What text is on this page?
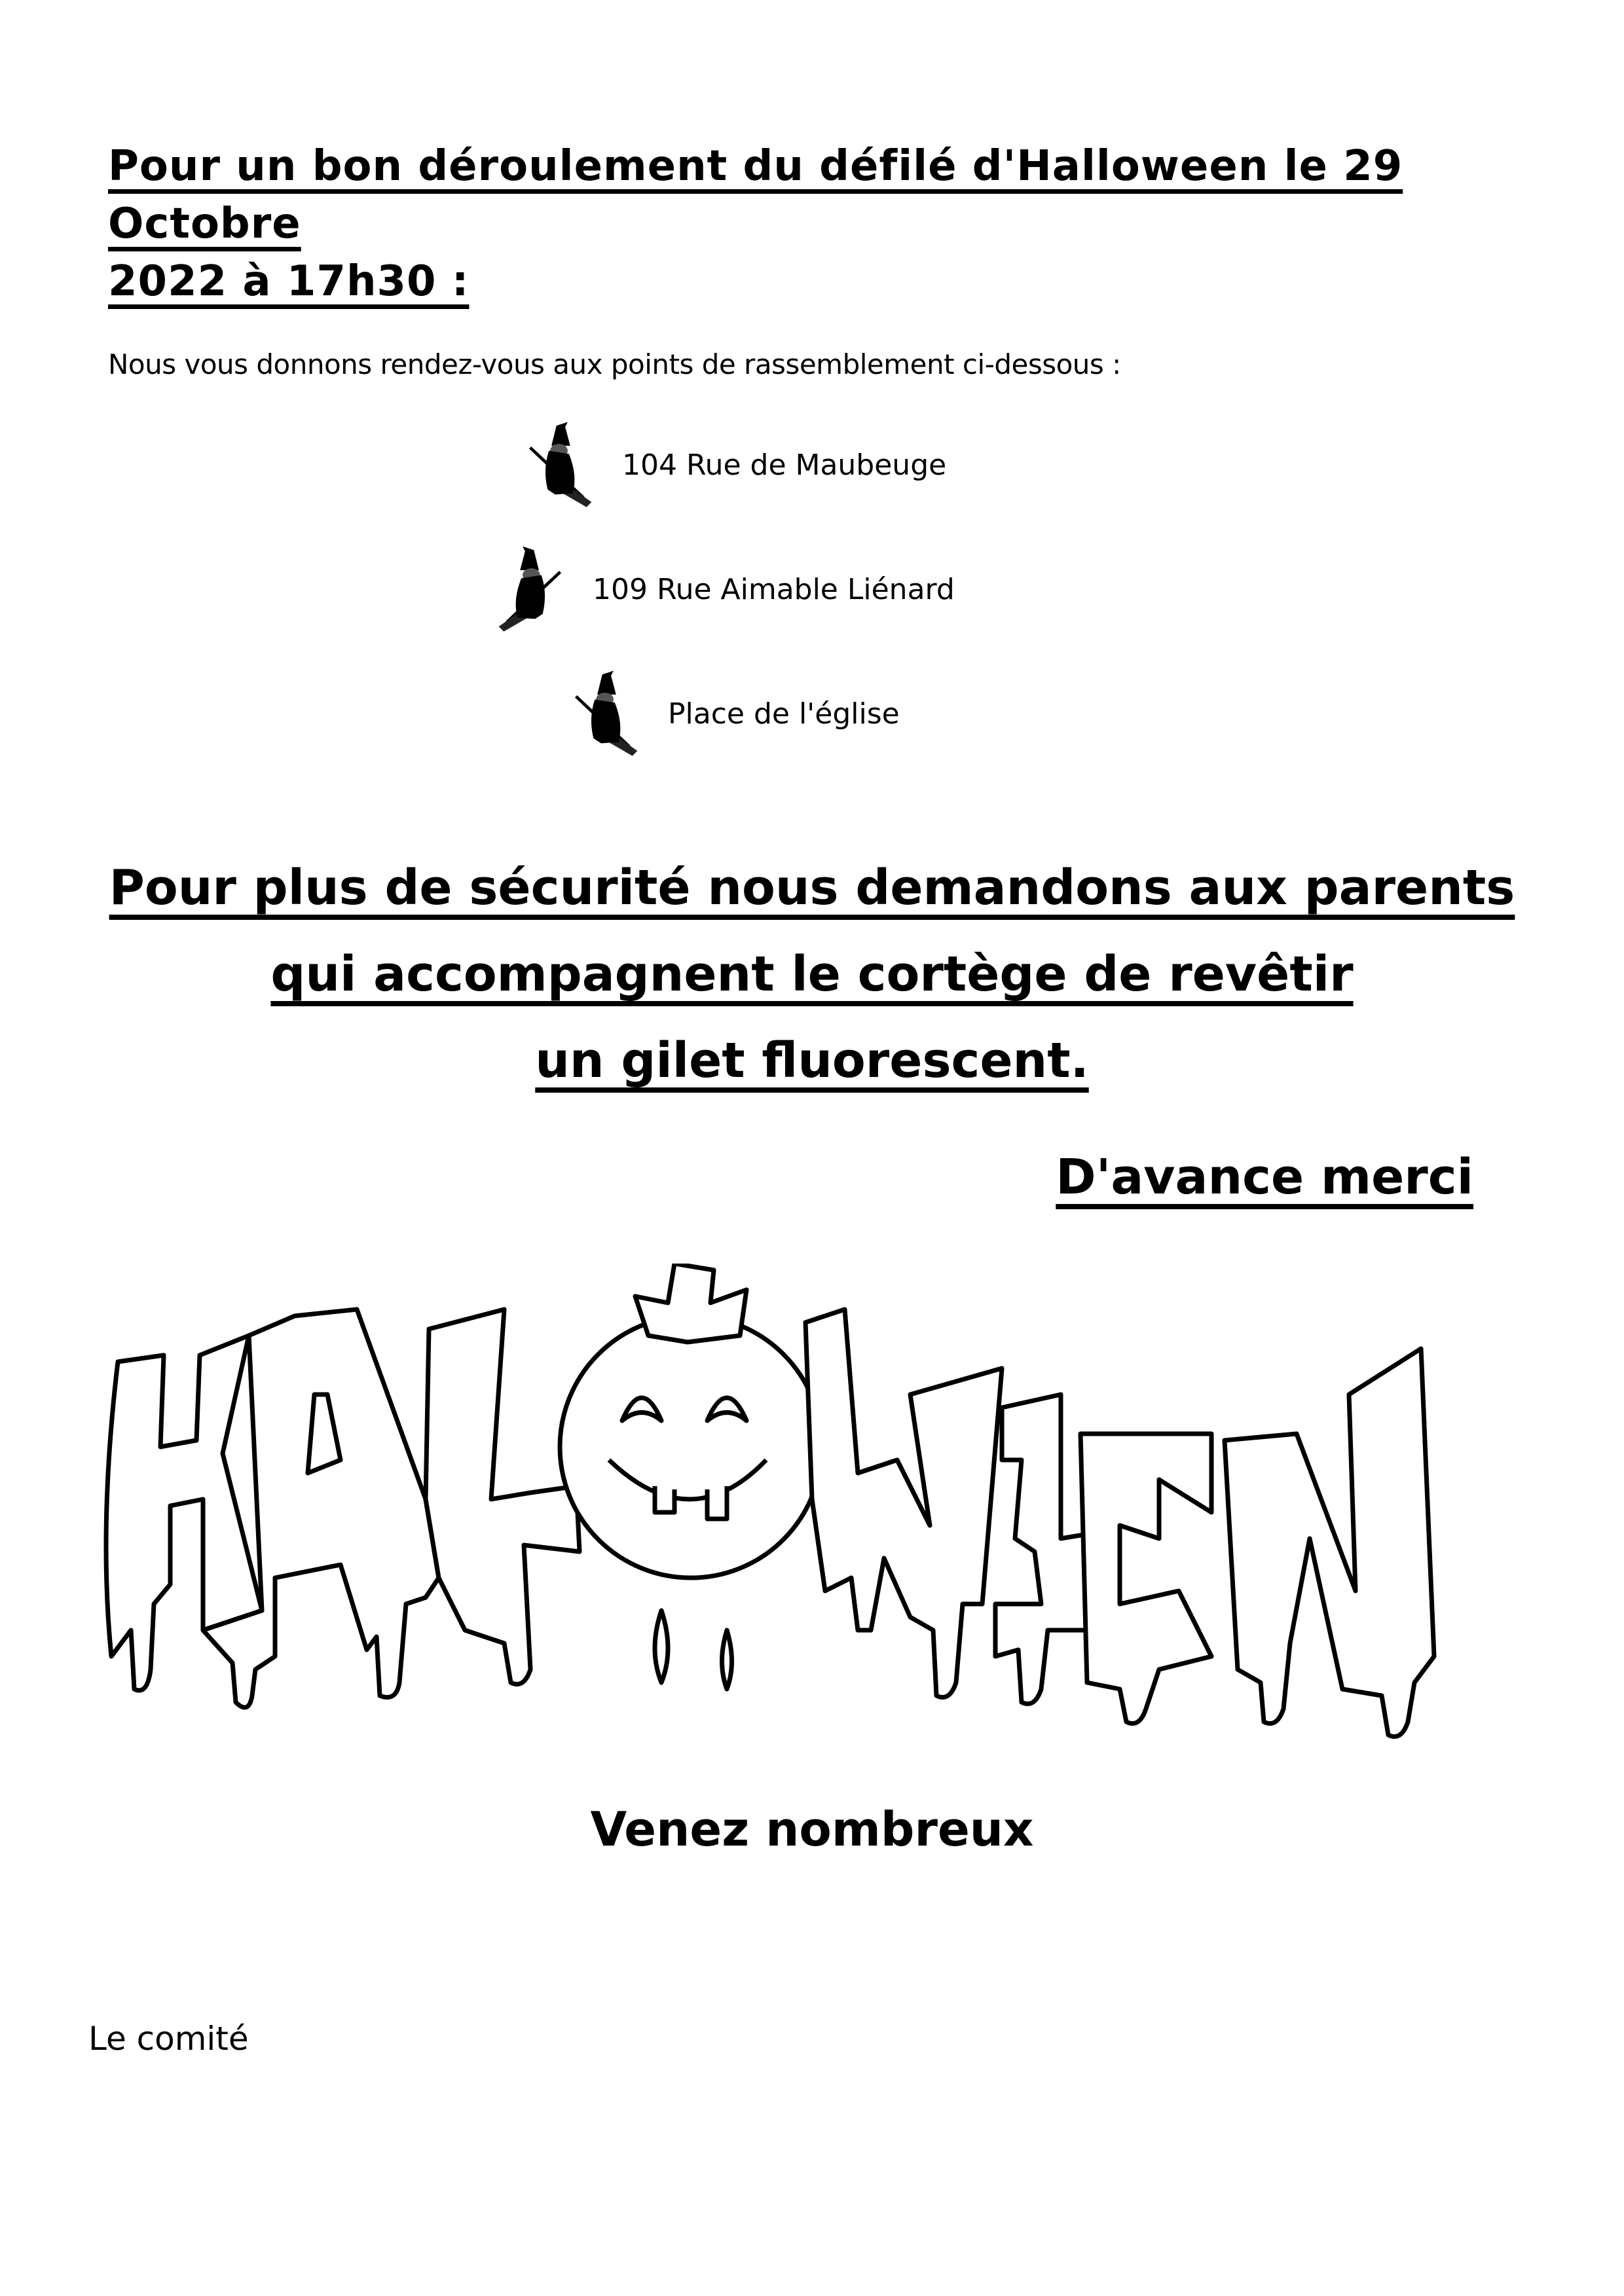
Pour un bon déroulement du défilé d'Halloween le 29 Octobre
2022 à 17h30 :
Nous vous donnons rendez-vous aux points de rassemblement ci-dessous :
104 Rue de Maubeuge
109 Rue Aimable Liénard
Place de l'église
Pour plus de sécurité nous demandons aux parents
qui accompagnent le cortège de revêtir
un gilet fluorescent.
D'avance merci
Venez nombreux
Le comité
